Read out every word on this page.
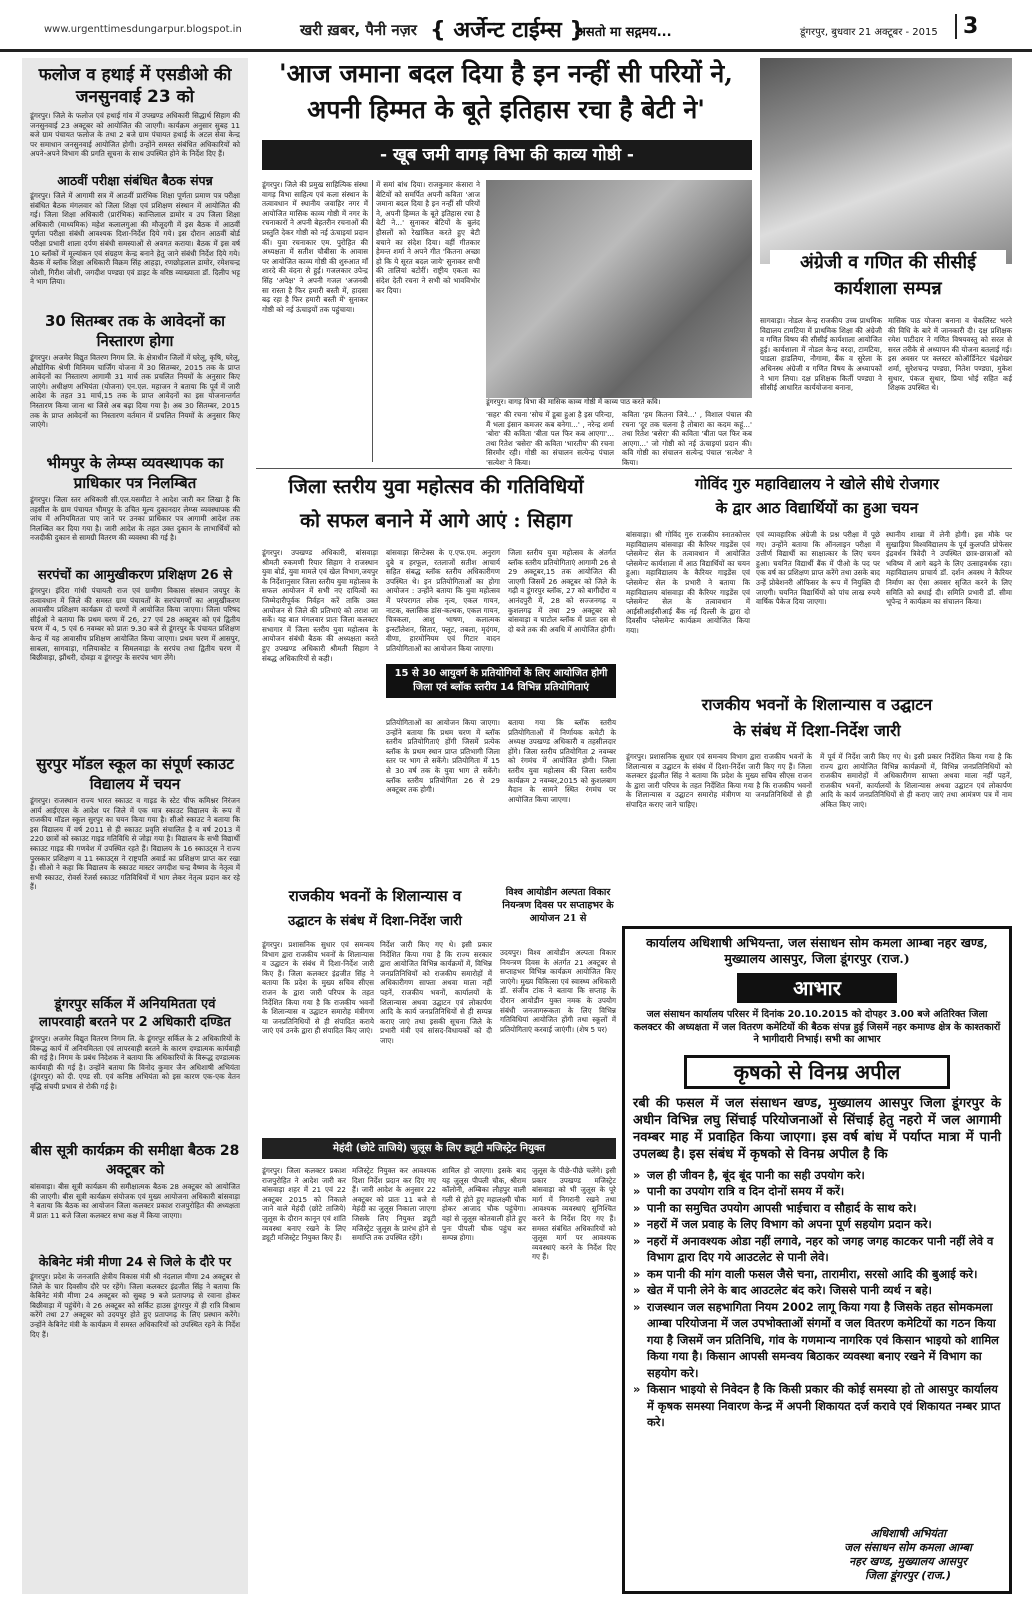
www.urgenttimesdungarpur.blogspot.in	खरी ख़बर, पैनी नज़र { अर्जेन्ट टाईम्स }
असतो मा सद्गमय...	डूंगरपुर, बुधवार 21 अक्टूबर - 2015	3
फलोज व हथाई में एसडीओ की जनसुनवाई 23 को
डूंगरपुर। जिले के फलोज एवं हथाई गांव में उपखण्ड अधिकारी सिद्धार्थ सिहाग की जनसुनवाई 23 अक्टूबर को आयोजित की जाएगी। कार्यक्रम अनुसार सुबह 11 बजे ग्राम पंचायत फलोज के तथा 2 बजे ग्राम पंचायत हथाई के अटल सेवा केन्द्र पर समाधान जनसुनवाई आयोजित होगी। उन्होंने समस्त संबंधित अधिकारियों को अपने-अपने विभाग की प्रगति सूचना के साथ उपस्थित होने के निर्देश दिए हैं।
आठवीं परीक्षा संबंधित बैठक संपन्न
डूंगरपुर। जिले में आगामी सत्र में आठवीं प्रारंभिक शिक्षा पूर्णता प्रमाण पत्र परीक्षा संबंधित बैठक मंगलवार को जिला शिक्षा एवं प्रशिक्षण संस्थान में आयोजित की गई। जिला शिक्षा अधिकारी (प्रारंभिक) कान्तिलाल डामोर व उप जिला शिक्षा अधिकारी (माध्यमिक) महेश कलालगुआ की मौजूदगी में इस बैठक में आठवीं पूर्णता परीक्षा संबंधी आवश्यक दिशा-निर्देश दिये गये। इस दौरान आठवीं बोर्ड परीक्षा प्रभारी शाला दर्पण संबंधी समस्याओं से अवगत कराया। बैठक में इस वर्ष 10 ब्लॉकों में मूल्यांकन एवं संग्रहण केन्द्र बनाने हेतु जाने संबंधी निर्देश दिये गये। बैठक में ब्लॉक शिक्षा अधिकारी विक्रम सिंह आहड़ा, रणछोड़लाल डामोर, रमेशचन्द्र जोशी, गिरीश जोशी, जगदीश पण्ड्या एवं डाइट के वरिष्ठ व्याख्याता डॉ. दिलीप भट्ट ने भाग लिया।
30 सितम्बर तक के आवेदनों का निस्तारण होगा
डूंगरपुर। अजमेर विद्युत वितरण निगम लि. के क्षेत्राधीन जिलों में घरेलू, कृषि, घरेलू, औद्योगिक श्रेणी मिनिमम चार्जिंग योजना में 30 सितम्बर, 2015 तक के प्राप्त आवेदनों का निस्तारण आगामी 31 मार्च तक प्रचलित नियमों के अनुसार किए जाएंगे। अधीक्षण अभियंता (योजना) एन.एल. महाजन ने बताया कि पूर्व में जारी आदेश के तहत 31 मार्च,15 तक के प्राप्त आवेदनों का इस योजनान्तर्गत निस्तारण किया जाना था जिसे अब बढ़ा दिया गया है। अब 30 सितम्बर, 2015 तक के प्राप्त आवेदनों का निस्तारण वर्तमान में प्रचलित नियमों के अनुसार किए जाएंगे।
भीमपुर के लेम्प्स व्यवस्थापक का प्राधिकार पत्र निलम्बित
डूंगरपुर। जिला स्तर अधिकारी सी.एल.यसमीटा ने आदेश जारी कर लिखा है कि तहसील के ग्राम पंचायत भीमपुर के उचित मूल्य दुकानदार लेम्प्स व्यवस्थापक की जांच में अनियमितता पाए जाने पर उनका प्राधिकार पत्र आगामी आदेश तक निलम्बित कर दिया गया है। जारी आदेश के तहत उक्त दुकान के लाभार्थियों को नजदीकी दुकान से सामग्री वितरण की व्यवस्था की गई है।
सरपंचों का आमुखीकरण प्रशिक्षण 26 से
डूंगरपुर। इंदिरा गांधी पंचायती राज एवं ग्रामीण विकास संस्थान जयपुर के तत्वावधान में जिले की समस्त ग्राम पंचायतों के सरपंचगणों का आमुखीकरण आवासीय प्रशिक्षण कार्यक्रम दो चरणों में आयोजित किया जाएगा। जिला परिषद सीईओ ने बताया कि प्रथम चरण में 26, 27 एवं 28 अक्टूबर को एवं द्वितीय चरण में 4, 5 एवं 6 नवम्बर को प्रातः 9.30 बजे से डूंगरपुर के पंचायत प्रशिक्षण केन्द्र में यह आवासीय प्रशिक्षण आयोजित किया जाएगा। प्रथम चरण में आसपुर, साबला, सागवाड़ा, गलियाकोट व सिमलवाड़ा के सरपंच तथा द्वितीय चरण में बिछीवाड़ा, झौंथरी, दोवड़ा व डूंगरपुर के सरपंच भाग लेंगे।
सुरपुर मॉडल स्कूल का संपूर्ण स्काउट विद्यालय में चयन
डूंगरपुर। राजस्थान राज्य भारत स्काउट व गाइड के स्टेट चीफ कमिश्नर निरंजन आर्य आईएएस के आदेश पर जिले में एक मात्र स्काउट विद्यालय के रूप में राजकीय मॉडल स्कूल सुरपुर का चयन किया गया है। सीओ स्काउट ने बताया कि इस विद्यालय में वर्ष 2011 से ही स्काउट प्रवृति संचालित है व वर्ष 2013 में 220 छात्रों को स्काउट गाइड गतिविधि से जोड़ा गया है। विद्यालय के सभी विद्यार्थी स्काउट गाइड की गणवेश में उपस्थित रहते हैं। विद्यालय के 16 स्काउट्स ने राज्य पुरस्कार प्रशिक्षण व 11 स्काउट्स ने राष्ट्रपति अवार्ड का प्रशिक्षण प्राप्त कर रखा है। सीओ ने कहा कि विद्यालय के स्काउट मास्टर जगदीश चन्द्र वैष्णव के नेतृत्व में सभी स्काउट, रोवर्स रेंजर्स स्काउट गतिविधियों में भाग लेकर नेतृत्व प्रदान कर रहे हैं।
डूंगरपुर सर्किल में अनियमितता एवं लापरवाही बरतने पर 2 अधिकारी दण्डित
डूंगरपुर। अजमेर विद्युत वितरण निगम लि. के डूंगरपुर सर्किल के 2 अधिकारियों के विरूद्ध कार्य में अनियमितता एवं लापरवाही बरतने के कारण दण्डात्मक कार्यवाही की गई है। निगम के प्रबंध निदेशक ने बताया कि अधिकारियों के विरूद्ध दण्डात्मक कार्यवाही की गई है। उन्होंने बताया कि विनोद कुमार जैन अधिशाषी अभियंता (डूंगरपुर) को दी. एण्ड सी. एवं कनिष्ठ अभियंता को इस कारण एक-एक वेतन वृद्धि संचयी प्रभाव से रोकी गई है।
बीस सूत्री कार्यक्रम की समीक्षा बैठक 28 अक्टूबर को
बांसवाड़ा। बीस सूत्री कार्यक्रम की समीक्षात्मक बैठक 28 अक्टूबर को आयोजित की जाएगी। बीस सूत्री कार्यक्रम संयोजक एवं मुख्य आयोजना अधिकारी बांसवाड़ा ने बताया कि बैठक का आयोजन जिला कलक्टर प्रकाश राजपुरोहित की अध्यक्षता में प्रातः 11 बजे जिला कलक्टर सभा कक्ष में किया जाएगा।
केबिनेट मंत्री मीणा 24 से जिले के दौरे पर
डूंगरपुर। प्रदेश के जनजाति क्षेत्रीय विकास मंत्री श्री नंदलाल मीणा 24 अक्टूबर से जिले के चार दिवसीय दौरे पर रहेंगे। जिला कलक्टर इंद्रजीत सिंह ने बताया कि केबिनेट मंत्री मीणा 24 अक्टूबर को सुबह 9 बजे प्रतापगढ़ से रवाना होकर बिछीवाड़ा में पहुंचेंगे। वे 26 अक्टूबर को सर्किट हाउस डूंगरपुर में ही रात्रि विश्राम करेंगे तथा 27 अक्टूबर को उदयपुर होते हुए प्रतापगढ़ के लिए प्रस्थान करेंगे। उन्होंने केबिनेट मंत्री के कार्यक्रम में समस्त अधिकारियों को उपस्थित रहने के निर्देश दिए हैं।
'आज जमाना बदल दिया है इन नन्हीं सी परियों ने,
अपनी हिम्मत के बूते इतिहास रचा है बेटी ने'
- खूब जमी वागड़ विभा की काव्य गोष्ठी -
डूंगरपुर। जिले की प्रमुख साहित्यिक संस्था वागड़ विभा साहित्य एवं कला संस्थान के तत्वावधान में स्थानीय जवाहिर नगर में आयोजित मासिक काव्य गोष्ठी में नगर के रचनाकारों ने अपनी बेहतरीन रचनाओं की प्रस्तुति देकर गोष्ठी को नई ऊंचाइयां प्रदान कीं। युवा रचनाकार एम. पुरोहित की अध्यक्षता में सतीश चौबीसा के आवास पर आयोजित काव्य गोष्ठी की शुरुआत माँ शारदे की वंदना से हुई। गजलकार उपेन्द्र सिंह 'अपेक्ष' ने अपनी गजल 'अजनबी सा रास्ता है फिर हमारी बस्ती में, हादसा बढ़ रहा है फिर हमारी बस्ती में' सुनाकर गोष्ठी को नई ऊंचाइयों तक पहुंचाया।
में समां बांध दिया। राजकुमार कंसारा ने बेटियों को समर्पित अपनी कविता 'आज जमाना बदल दिया है इन नन्हीं सी परियों ने, अपनी हिम्मत के बूते इतिहास रचा है बेटी ने...' सुनाकर बेटियों के बुलंद हौसलों को रेखांकित करते हुए बेटी बचाने का संदेश दिया। वहीं गीतकार हेमन्त शर्मा ने अपने गीत 'कितना अच्छा हो कि ये सूरत बदल जाये' सुनाकर सभी की तालियां बटोरीं। राष्ट्रीय एकता का संदेश देती रचना ने सभी को भावविभोर कर दिया।
डूंगरपुर। वागड़ विभा की मासिक काव्य गोष्ठी में काव्य पाठ करते कवि।
'सहर' की रचना 'सोच में डूबा हुआ है इस परिन्दा, मैं भला इंसान कमजर कब बनेगा...' , नरेन्द्र शर्मा 'बोरा' की कविता 'बीता पल फिर कब आएगा'... तथा रितेश 'बसेरा' की कविता 'भारतीय' की रचना सिरमौर रही। गोष्ठी का संचालन सत्येन्द्र पंचाल 'सत्येश' ने किया।
कविता 'हम कितना जिये...' , विशाल पंचाल की रचना 'दूर तक चलना है तोबारा का कदम कहूं...' तथा रितेश 'बसेरा' की कविता 'बीता पल फिर कब आएगा...' जो गोष्ठी को नई ऊंचाइयां प्रदान की। कवि गोष्ठी का संचालन सत्येन्द्र पंचाल 'सत्येश' ने किया।
अंग्रेजी व गणित की सीसीई कार्यशाला सम्पन्न
सागवाड़ा। नोडल केन्द्र राजकीय उच्च प्राथमिक विद्यालय टामटिया में प्राथमिक शिक्षा की अंग्रेजी व गणित विषय की सीसीई कार्यशाला आयोजित हुई। कार्यशाला में नोडल केन्द्र वरदा, टामटिया, पाडला हाडलिया, नौगामा, बैंक व सुरेला के अधिनस्थ अंग्रेजी व गणित विषय के अध्यापकों ने भाग लिया। दक्ष प्रशिक्षक किर्ती पण्ड्या ने सीसीई आधारित कार्ययोजना बनाना,
मासिक पाठ योजना बनाना व चेकलिस्ट भरने की विधि के बारे में जानकारी दी। दक्ष प्रशिक्षक रमेश पाटीदार ने गणित विषयवस्तु को सरल से सरल तरीके से अध्यापन की योजना बतलाई गई। इस अवसर पर क्लस्टर कोऑर्डिनेटर चंद्रशेखर शर्मा, सुरेशचन्द्र पण्ड्या, नितेश पण्ड्या, मुकेश सुथार, पंकज सुथार, प्रिया भोई सहित कई शिक्षक उपस्थित थे।
जिला स्तरीय युवा महोत्सव की गतिविधियों
को सफल बनाने में आगे आएं : सिहाग
डूंगरपुर। उपखण्ड अधिकारी, बांसवाड़ा श्रीमती रुकमणी रियार सिहाग ने राजस्थान युवा बोर्ड, युवा मामले एवं खेल विभाग,जयपुर के निर्देशानुसार जिला स्तरीय युवा महोत्सव के सफल आयोजन में सभी नए दायित्वों का जिम्मेदारीपूर्वक निर्वहन करें ताकि उक्त आयोजन से जिले की प्रतिभाएं को तराश जा सकें। यह बात मंगलवार प्रातः जिला कलक्टर सभागार में जिला स्तरीय युवा महोत्सव के आयोजन संबंधी बैठक की अध्यक्षता करते हुए उपखण्ड अधिकारी श्रीमती सिहाग ने संबद्ध अधिकारियों से कही।
बांसवाड़ा सिन्टेक्स के ए.एफ.एम. अनुराग दुबे व हरफूल, रतलाजों सतीश आचार्य सहित संबद्ध ब्लॉक स्तरीय अधिकारीगण उपस्थित थे। इन प्रतियोगिताओं का होगा आयोजन : उन्होंने बताया कि युवा महोत्सव में परंपरागत लोक नृत्य, एकल गायन, नाटक, क्लासिक डांस-कत्थक, एकल गायन, चित्रकला, आशु भाषण, कलात्मक इन्स्टॉलेशन, सितार, फ्लूट, तबला, मृदंगम, वीणा, हारमोनियम एवं गिटार वादन प्रतियोगिताओं का आयोजन किया जाएगा।
जिला स्तरीय युवा महोत्सव के अंतर्गत ब्लॉक स्तरीय प्रतियोगिताएं आगामी 26 से 29 अक्टूबर,15 तक आयोजित की जाएगी जिसमें 26 अक्टूबर को जिले के गढ़ी व डूंगरपुर ब्लॉक, 27 को बागीदौरा व आनंदपुरी में, 28 को सज्जनगढ़ व कुशलगढ़ में तथा 29 अक्टूबर को बांसवाड़ा व घाटोल ब्लॉक में प्रातः दस से दो बजे तक की अवधि में आयोजित होगी।
15 से 30 आयुवर्ग के प्रतियोगियों के लिए आयोजित होगी जिला एवं ब्लॉक स्तरीय 14 विभिन्न प्रतियोगिताएं
प्रतियोगिताओं का आयोजन किया जाएगा। उन्होंने बताया कि प्रथम चरण में ब्लॉक स्तरीय प्रतियोगिताएं होंगी जिसमें प्रत्येक ब्लॉक के प्रथम स्थान प्राप्त प्रतिभागी जिला स्तर पर भाग ले सकेंगे। प्रतियोगिता में 15 से 30 वर्ष तक के युवा भाग ले सकेंगे। ब्लॉक स्तरीय प्रतियोगिता 26 से 29 अक्टूबर तक होगी।
बताया गया कि ब्लॉक स्तरीय प्रतियोगिताओं में निर्णायक कमेटी के अध्यक्ष उपखण्ड अधिकारी व तहसीलदार होंगे। जिला स्तरीय प्रतियोगिता 2 नवम्बर को रंगमंच में आयोजित होगी। जिला स्तरीय युवा महोत्सव की जिला स्तरीय कार्यक्रम 2 नवम्बर,2015 को कुशलबाग मैदान के सामने स्थित रंगमंच पर आयोजित किया जाएगा।
गोविंद गुरु महाविद्यालय ने खोले सीधे रोजगार
के द्वार आठ विद्यार्थियों का हुआ चयन
बांसवाड़ा। श्री गोविंद गुरु राजकीय स्नातकोत्तर महाविद्यालय बांसवाड़ा की कैरियर गाइडेंस एवं प्लेसमेन्ट सेल के तत्वावधान में आयोजित प्लेसमेन्ट कार्यशाला में आठ विद्यार्थियों का चयन हुआ। महाविद्यालय के कैरियर गाइडेंस एवं प्लेसमेन्ट सेल के प्रभारी ने बताया कि महाविद्यालय बांसवाड़ा की कैरियर गाइडेंस एवं प्लेसमेन्ट सेल के तत्वावधान में आईसीआईसीआई बैंक नई दिल्ली के द्वारा दो दिवसीय प्लेसमेन्ट कार्यक्रम आयोजित किया गया।
एवं व्यावहारिक अंग्रेजी के प्रश्न परीक्षा में पूछे गए। उन्होंने बताया कि ऑनलाइन परीक्षा में उत्तीर्ण विद्यार्थी का साक्षात्कार के लिए चयन हुआ। चयनित विद्यार्थी बैंक में पीओ के पद पर एक वर्ष का प्रशिक्षण प्राप्त करेंगे तथा उसके बाद उन्हें प्रोबेशनरी ऑफिसर के रूप में नियुक्ति दी जाएगी। चयनित विद्यार्थियों को पांच लाख रुपये वार्षिक पैकेज दिया जाएगा।
स्थानीय शाखा में लेनी होगी। इस मौके पर सुखाड़िया विश्वविद्यालय के पूर्व कुलपति प्रोफेसर इंद्रवर्धन त्रिवेदी ने उपस्थित छात्र-छात्राओं को भविष्य में आगे बढ़ने के लिए उत्साहवर्धक रहा। महाविद्यालय प्राचार्य डॉ. दर्शन अवस्थ ने कैरियर निर्माण का ऐसा अवसर सृजित करने के लिए समिति को बधाई दी। समिति प्रभारी डॉ. सीमा भूपेन्द्र ने कार्यक्रम का संचालन किया।
राजकीय भवनों के शिलान्यास व उद्घाटन
के संबंध में दिशा-निर्देश जारी
डूंगरपुर। प्रशासनिक सुधार एवं समन्वय विभाग द्वारा राजकीय भवनों के शिलान्यास व उद्घाटन के संबंध में दिशा-निर्देश जारी किए गए हैं। जिला कलक्टर इंद्रजीत सिंह ने बताया कि प्रदेश के मुख्य सचिव सीएस राजन के द्वारा जारी परिपत्र के तहत निर्देशित किया गया है कि राजकीय भवनों के शिलान्यास व उद्घाटन समारोह मंत्रीगण या जनप्रतिनिधियों से ही संपादित कराए जाने चाहिए।
में पूर्व में निर्देश जारी किए गए थे। इसी प्रकार निर्देशित किया गया है कि राज्य द्वारा आयोजित विभिन्न कार्यक्रमों में, विभिन्न जनप्रतिनिधियों को राजकीय समारोहों में अधिकारीगण साफ्ता अथवा माला नहीं पहनें, राजकीय भवनों, कार्यालयों के शिलान्यास अथवा उद्घाटन एवं लोकार्पण आदि के कार्य जनप्रतिनिधियों से ही कराए जाएं तथा आमंत्रण पत्र में नाम अंकित किए जाएं।
राजकीय भवनों के शिलान्यास व
उद्घाटन के संबंध में दिशा-निर्देश जारी
डूंगरपुर। प्रशासनिक सुधार एवं समन्वय विभाग द्वारा राजकीय भवनों के शिलान्यास व उद्घाटन के संबंध में दिशा-निर्देश जारी किए हैं। जिला कलक्टर इंद्रजीत सिंह ने बताया कि प्रदेश के मुख्य सचिव सीएस राजन के द्वारा जारी परिपत्र के तहत निर्देशित किया गया है कि राजकीय भवनों के शिलान्यास व उद्घाटन समारोह मंत्रीगण या जनप्रतिनिधियों से ही संपादित कराये जाएं एवं उनके द्वारा ही संपादित किए जाएं।
निर्देश जारी किए गए थे। इसी प्रकार निर्देशित किया गया है कि राज्य सरकार द्वारा आयोजित विभिन्न कार्यक्रमों में, विभिन्न जनप्रतिनिधियों को राजकीय समारोहों में अधिकारीगण साफ्ता अथवा माला नहीं पहनें, राजकीय भवनों, कार्यालयों के शिलान्यास अथवा उद्घाटन एवं लोकार्पण आदि के कार्य जनप्रतिनिधियों से ही सम्पन्न कराए जाएं तथा इसकी सूचना जिले के प्रभारी मंत्री एवं सांसद-विधायकों को दी जाए।
विश्व आयोडीन अल्पता विकार नियन्त्रण दिवस पर सप्ताहभर के आयोजन 21 से
उदयपुर। विश्व आयोडीन अल्पता विकार नियन्त्रण दिवस के अंतर्गत 21 अक्टूबर से सप्ताहभर विभिन्न कार्यक्रम आयोजित किए जाएंगे। मुख्य चिकित्सा एवं स्वास्थ्य अधिकारी डॉ. संजीव टांक ने बताया कि सप्ताह के दौरान आयोडीन युक्त नमक के उपयोग संबंधी जनजागरूकता के लिए विभिन्न गतिविधियां आयोजित होंगी तथा स्कूलों में प्रतियोगिताएं करवाई जाएंगी। (शेष 5 पर)
मेहंदी (छोटे ताजिये) जुलूस के लिए ड्यूटी मजिस्ट्रेट नियुक्त
डूंगरपुर। जिला कलक्टर प्रकाश राजपुरोहित ने आदेश जारी कर बांसवाड़ा शहर में 21 एवं 22 अक्टूबर 2015 को निकाले जाने वाले मेहंदी (छोटे ताजिये) जुलूस के दौरान कानून एवं शांति व्यवस्था बनाए रखने के लिए ड्यूटी मजिस्ट्रेट नियुक्त किए हैं।
मजिस्ट्रेट नियुक्त कर आवश्यक दिशा निर्देश प्रदान कर दिए गए हैं। जारी आदेश के अनुसार 22 अक्टूबर को प्रातः 11 बजे से मेहंदी का जुलूस निकाला जाएगा जिसके लिए नियुक्त ड्यूटी मजिस्ट्रेट जुलूस के प्रारंभ होने से समाप्ति तक उपस्थित रहेंगे।
शामिल हो जाएगा। इसके बाद यह जुलूस पीपली चौक, श्रीराम कॉलोनी, अम्बिका लौहपुर वाली गली से होते हुए महालक्ष्मी चौक होकर आजाद चौक पहुंचेगा। वहां से जुलूस कोतवाली होते हुए पुनः पीपली चौक पहुंच कर सम्पन्न होगा।
जुलूस के पीछे-पीछे चलेंगे। इसी प्रकार उपखण्ड मजिस्ट्रेट बांसवाड़ा को भी जुलूस के पूरे मार्ग में निगरानी रखने तथा आवश्यक व्यवस्थाएं सुनिश्चित करने के निर्देश दिए गए हैं। समस्त संबंधित अधिकारियों को जुलूस मार्ग पर आवश्यक व्यवस्थाएं करने के निर्देश दिए गए हैं।
कार्यालय अधिशाषी अभियन्ता, जल संसाधन सोम कमला आम्बा नहर खण्ड, मुख्यालय आसपुर, जिला डूंगरपुर (राज.)
आभार
जल संसाधन कार्यालय परिसर में दिनांक 20.10.2015 को दोपहर 3.00 बजे अतिरिक्त जिला कलक्टर की अध्यक्षता में जल वितरण कमेटियों की बैठक संपन्न हुई जिसमें नहर कमाण्ड क्षेत्र के काश्तकारों ने भागीदारी निभाई। सभी का आभार
कृषको से विनम्र अपील
रबी की फसल में जल संसाधन खण्ड, मुख्यालय आसपुर जिला डूंगरपुर के अधीन विभिन्न लघु सिंचाई परियोजनाओं से सिंचाई हेतु नहरो में जल आगामी नवम्बर माह में प्रवाहित किया जाएगा। इस वर्ष बांध में पर्याप्त मात्रा में पानी उपलब्ध है। इस संबंध में कृषको से विनम्र अपील है कि
» जल ही जीवन है, बूंद बूंद पानी का सही उपयोग करे।
» पानी का उपयोग रात्रि व दिन दोनों समय में करें।
» पानी का समुचित उपयोग आपसी भाईचारा व सौहार्द के साथ करे।
» नहरों में जल प्रवाह के लिए विभाग को अपना पूर्ण सहयोग प्रदान करे।
» नहरों में अनावश्यक ओडा नहीं लगावे, नहर को जगह जगह काटकर पानी नहीं लेवे व विभाग द्वारा दिए गये आउटलेट से पानी लेवे।
» कम पानी की मांग वाली फसल जैसे चना, तारामीरा, सरसो आदि की बुआई करे।
» खेत में पानी लेने के बाद आउटलेट बंद करे। जिससे पानी व्यर्थ न बहे।
» राजस्थान जल सहभागिता नियम 2002 लागू किया गया है जिसके तहत सोमकमला आम्बा परियोजना में जल उपभोक्ताओं संगमों व जल वितरण कमेटियों का गठन किया गया है जिसमें जन प्रतिनिधि, गांव के गणमान्य नागरिक एवं किसान भाइयो को शामिल किया गया है। किसान आपसी समन्वय बिठाकर व्यवस्था बनाए रखने में विभाग का सहयोग करे।
» किसान भाइयो से निवेदन है कि किसी प्रकार की कोई समस्या हो तो आसपुर कार्यालय में कृषक समस्या निवारण केन्द्र में अपनी शिकायत दर्ज करावे एवं शिकायत नम्बर प्राप्त करे।
अधिशाषी अभियंता
जल संसाधन सोम कमला आम्बा
नहर खण्ड, मुख्यालय आसपुर
जिला डूंगरपुर (राज.)
